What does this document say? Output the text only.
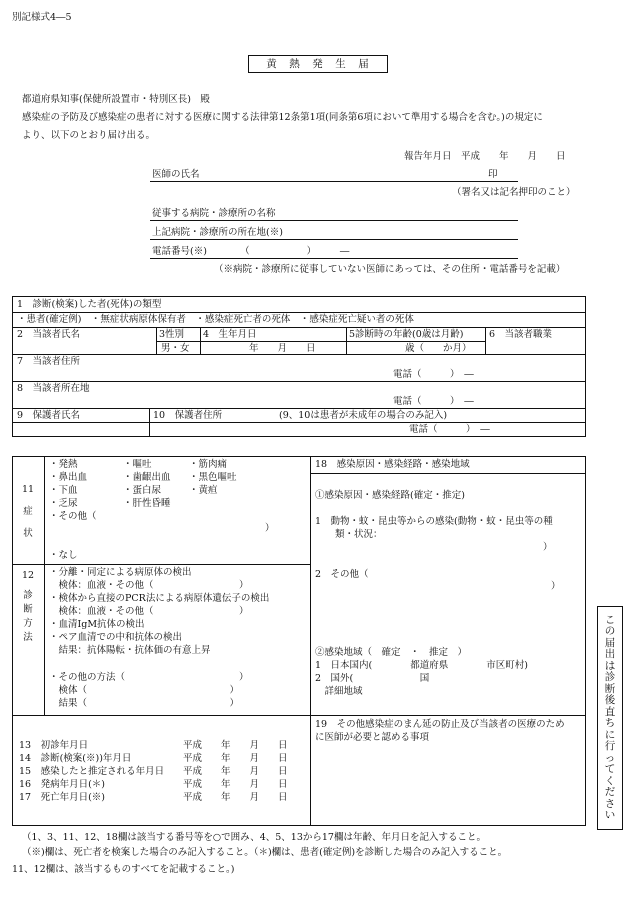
別記様式4―5
黄　熱　発　生　届
都道府県知事(保健所設置市・特別区長)　殿
感染症の予防及び感染症の患者に対する医療に関する法律第12条第1項(同条第6項において準用する場合を含む。)の規定に
より、以下のとおり届け出る。
報告年月日　平成　　年　　月　　日
医師の氏名	印
（署名又は記名押印のこと）
従事する病院・診療所の名称
上記病院・診療所の所在地(※)
電話番号(※)　　　　（　　　　　　）　　　―
（※病院・診療所に従事していない医師にあっては、その住所・電話番号を記載）
1　診断(検案)した者(死体)の類型
・患者(確定例)　・無症状病原体保有者　・感染症死亡者の死体　・感染症死亡疑い者の死体
2　当該者氏名	3性別 4　生年月日	5診断時の年齢(0歳は月齢)	6　当該者職業
男・女	年　　月　　日	歳（　　か月）
7　当該者住所
電話（　　　）　―
8　当該者所在地
電話（　　　）　―
9　保護者氏名	10　保護者住所	(9、10は患者が未成年の場合のみ記入)
電話（　　　）　―
11
症
状
・発熱
・鼻出血
・下血
・乏尿
・その他（
・嘔吐
・歯齦出血
・蛋白尿
・肝性昏睡
・筋肉痛
・黒色嘔吐
・黄疸
）
・なし
12
診
断
方
法
・分離・同定による病原体の検出
　検体：血液・その他（　　　　　　　　　）
・検体から直接のPCR法による病原体遺伝子の検出
　検体：血液・その他（　　　　　　　　　）
・血清IgM抗体の検出
・ペア血清での中和抗体の検出
　結果：抗体陽転・抗体価の有意上昇
・その他の方法（　　　　　　　　　　　　）
　検体（　　　　　　　　　　　　　　　）
　結果（　　　　　　　　　　　　　　　）
18　感染原因・感染経路・感染地域
①感染原因・感染経路(確定・推定)
1　動物・蚊・昆虫等からの感染(動物・蚊・昆虫等の種
類・状況：
）
2　その他（
）
②感染地域（　確定　・　推定　）
1　日本国内(　　　　都道府県　　　　市区町村)
2　国外(　　　　　　　国
　詳細地域
19　その他感染症のまん延の防止及び当該者の医療のため
に医師が必要と認める事項
13　初診年月日	平成　　年　　月　　日
14　診断(検案(※))年月日	平成　　年　　月　　日
15　感染したと推定される年月日 平成　　年　　月　　日
16　発病年月日(＊)	平成　　年　　月　　日
17　死亡年月日(※)	平成　　年　　月　　日
こ
の
届
出
は
診
断
後
直
ち
に
行
っ
て
く
だ
さ
い
（1、3、11、12、18欄は該当する番号等を○で囲み、4、5、13から17欄は年齢、年月日を記入すること。
（※)欄は、死亡者を検案した場合のみ記入すること。（＊)欄は、患者(確定例)を診断した場合のみ記入すること。
11、12欄は、該当するものすべてを記載すること。)
